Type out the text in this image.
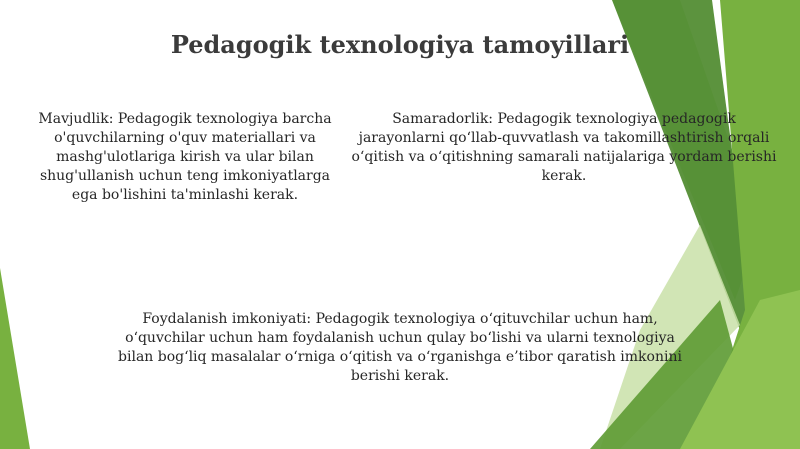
Pedagogik texnologiya tamoyillari

Mavjudlik: Pedagogik texnologiya barcha o'quvchilarning o'quv materiallari va mashg'ulotlariga kirish va ular bilan shug'ullanish uchun teng imkoniyatlarga ega bo'lishini ta'minlashi kerak.

Samaradorlik: Pedagogik texnologiya pedagogik jarayonlarni qo‘llab-quvvatlash va takomillashtirish orqali o‘qitish va o‘qitishning samarali natijalariga yordam berishi kerak.

Foydalanish imkoniyati: Pedagogik texnologiya o‘qituvchilar uchun ham, o‘quvchilar uchun ham foydalanish uchun qulay bo‘lishi va ularni texnologiya bilan bog‘liq masalalar o‘rniga o‘qitish va o‘rganishga e’tibor qaratish imkonini berishi kerak.
